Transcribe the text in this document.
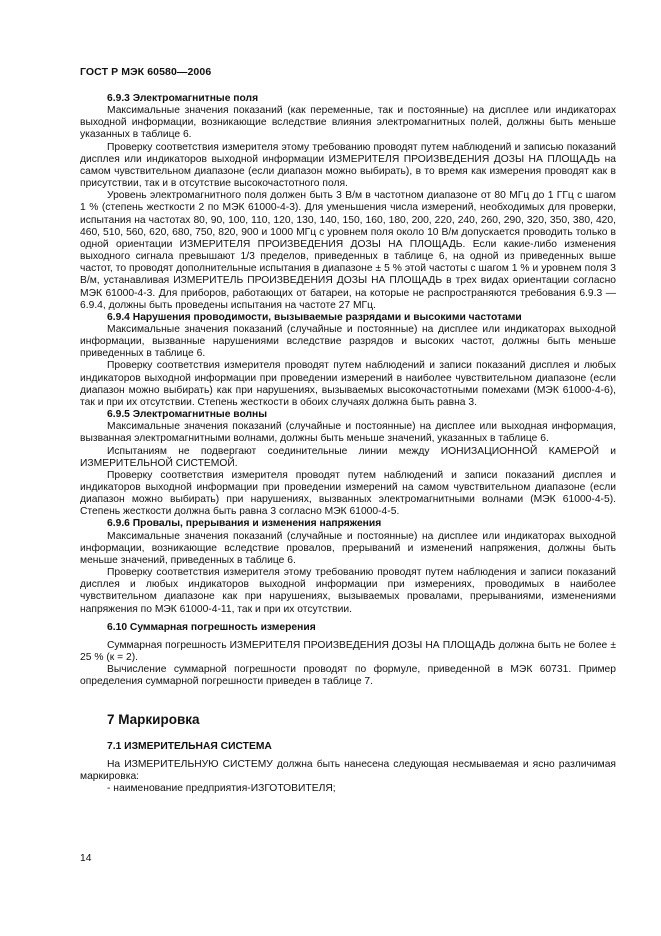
ГОСТ Р МЭК 60580—2006
6.9.3 Электромагнитные поля

Максимальные значения показаний (как переменные, так и постоянные) на дисплее или индикаторах выходной информации, возникающие вследствие влияния электромагнитных полей, должны быть меньше указанных в таблице 6.

Проверку соответствия измерителя этому требованию проводят путем наблюдений и записью показаний дисплея или индикаторов выходной информации ИЗМЕРИТЕЛЯ ПРОИЗВЕДЕНИЯ ДОЗЫ НА ПЛОЩАДЬ на самом чувствительном диапазоне (если диапазон можно выбирать), в то время как измерения проводят как в присутствии, так и в отсутствие высокочастотного поля.

Уровень электромагнитного поля должен быть 3 В/м в частотном диапазоне от 80 МГц до 1 ГГц с шагом 1 % (степень жесткости 2 по МЭК 61000-4-3). Для уменьшения числа измерений, необходимых для проверки, испытания на частотах 80, 90, 100, 110, 120, 130, 140, 150, 160, 180, 200, 220, 240, 260, 290, 320, 350, 380, 420, 460, 510, 560, 620, 680, 750, 820, 900 и 1000 МГц с уровнем поля около 10 В/м допускается проводить только в одной ориентации ИЗМЕРИТЕЛЯ ПРОИЗВЕДЕНИЯ ДОЗЫ НА ПЛОЩАДЬ. Если какие-либо изменения выходного сигнала превышают 1/3 пределов, приведенных в таблице 6, на одной из приведенных выше частот, то проводят дополнительные испытания в диапазоне ± 5 % этой частоты с шагом 1 % и уровнем поля 3 В/м, устанавливая ИЗМЕРИТЕЛЬ ПРОИЗВЕДЕНИЯ ДОЗЫ НА ПЛОЩАДЬ в трех видах ориентации согласно МЭК 61000-4-3. Для приборов, работающих от батареи, на которые не распространяются требования 6.9.3 — 6.9.4, должны быть проведены испытания на частоте 27 МГц.

6.9.4 Нарушения проводимости, вызываемые разрядами и высокими частотами

Максимальные значения показаний (случайные и постоянные) на дисплее или индикаторах выходной информации, вызванные нарушениями вследствие разрядов и высоких частот, должны быть меньше приведенных в таблице 6.

Проверку соответствия измерителя проводят путем наблюдений и записи показаний дисплея и любых индикаторов выходной информации при проведении измерений в наиболее чувствительном диапазоне (если диапазон можно выбирать) как при нарушениях, вызываемых высокочастотными помехами (МЭК 61000-4-6), так и при их отсутствии. Степень жесткости в обоих случаях должна быть равна 3.

6.9.5 Электромагнитные волны

Максимальные значения показаний (случайные и постоянные) на дисплее или выходная информация, вызванная электромагнитными волнами, должны быть меньше значений, указанных в таблице 6.

Испытаниям не подвергают соединительные линии между ИОНИЗАЦИОННОЙ КАМЕРОЙ и ИЗМЕРИТЕЛЬНОЙ СИСТЕМОЙ.

Проверку соответствия измерителя проводят путем наблюдений и записи показаний дисплея и индикаторов выходной информации при проведении измерений на самом чувствительном диапазоне (если диапазон можно выбирать) при нарушениях, вызванных электромагнитными волнами (МЭК 61000-4-5). Степень жесткости должна быть равна 3 согласно МЭК 61000-4-5.

6.9.6 Провалы, прерывания и изменения напряжения

Максимальные значения показаний (случайные и постоянные) на дисплее или индикаторах выходной информации, возникающие вследствие провалов, прерываний и изменений напряжения, должны быть меньше значений, приведенных в таблице 6.

Проверку соответствия измерителя этому требованию проводят путем наблюдения и записи показаний дисплея и любых индикаторов выходной информации при измерениях, проводимых в наиболее чувствительном диапазоне как при нарушениях, вызываемых провалами, прерываниями, изменениями напряжения по МЭК 61000-4-11, так и при их отсутствии.

6.10 Суммарная погрешность измерения

Суммарная погрешность ИЗМЕРИТЕЛЯ ПРОИЗВЕДЕНИЯ ДОЗЫ НА ПЛОЩАДЬ должна быть не более ± 25 % (к = 2).

Вычисление суммарной погрешности проводят по формуле, приведенной в МЭК 60731. Пример определения суммарной погрешности приведен в таблице 7.

7 Маркировка
7.1 ИЗМЕРИТЕЛЬНАЯ СИСТЕМА

На ИЗМЕРИТЕЛЬНУЮ СИСТЕМУ должна быть нанесена следующая несмываемая и ясно различимая маркировка:

- наименование предприятия-ИЗГОТОВИТЕЛЯ;

14
